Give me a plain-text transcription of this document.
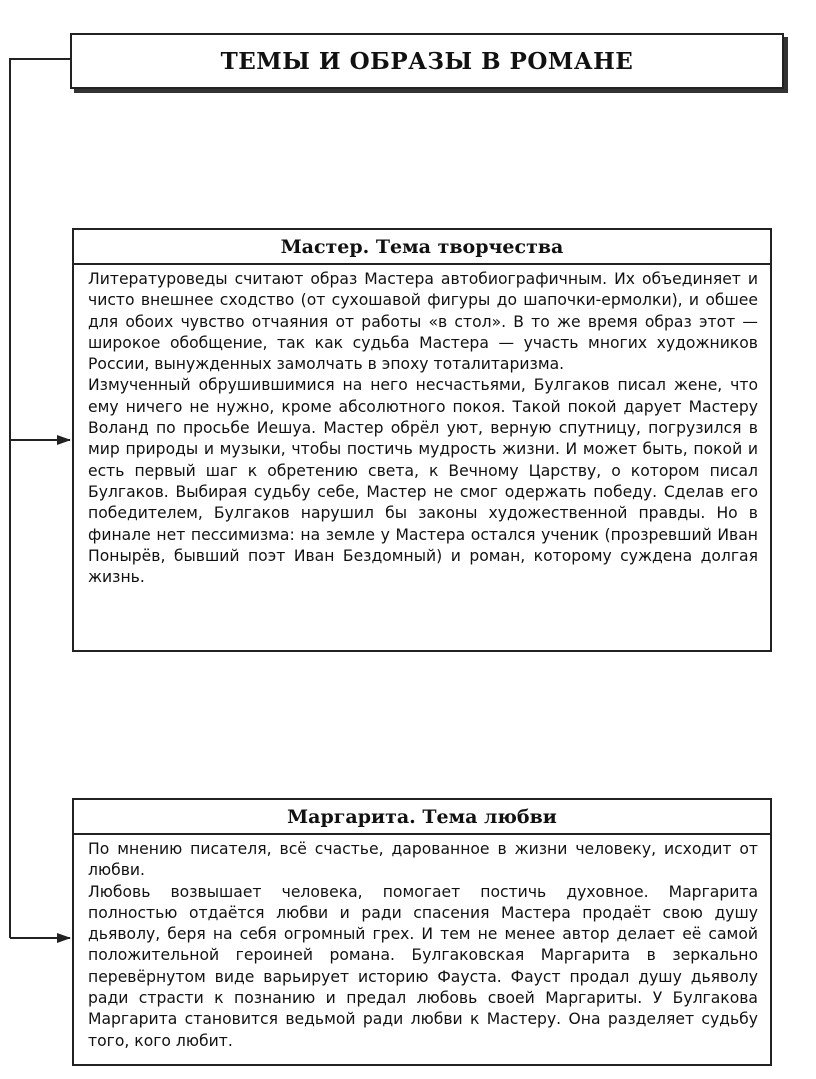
ТЕМЫ И ОБРАЗЫ В РОМАНЕ
Мастер. Тема творчества

Литературоведы считают образ Мастера автобиографичным. Их объединяет и чисто внешнее сходство (от сухошавой фигуры до шапочки-ермолки), и обшее для обоих чувство отчаяния от работы «в стол». В то же время образ этот — широкое обобщение, так как судьба Мастера — участь многих художников России, вынужденных замолчать в эпоху тоталитаризма.

Измученный обрушившимися на него несчастьями, Булгаков писал жене, что ему ничего не нужно, кроме абсолютного покоя. Такой покой дарует Мастеру Воланд по просьбе Иешуа. Мастер обрёл уют, верную спутницу, погрузился в мир природы и музыки, чтобы постичь мудрость жизни. И может быть, покой и есть первый шаг к обретению света, к Вечному Царству, о котором писал Булгаков. Выбирая судьбу себе, Мастер не смог одержать победу. Сделав его победителем, Булгаков нарушил бы законы художественной правды. Но в финале нет пессимизма: на земле у Мастера остался ученик (прозревший Иван Понырёв, бывший поэт Иван Бездомный) и роман, которому суждена долгая жизнь.

Маргарита. Тема любви

По мнению писателя, всё счастье, дарованное в жизни человеку, исходит от любви.

Любовь возвышает человека, помогает постичь духовное. Маргарита полностью отдаётся любви и ради спасения Мастера продаёт свою душу дьяволу, беря на себя огромный грех. И тем не менее автор делает её самой положительной героиней романа. Булгаковская Маргарита в зеркально перевёрнутом виде варьирует историю Фауста. Фауст продал душу дьяволу ради страсти к познанию и предал любовь своей Маргариты. У Булгакова Маргарита становится ведьмой ради любви к Мастеру. Она разделяет судьбу того, кого любит.
